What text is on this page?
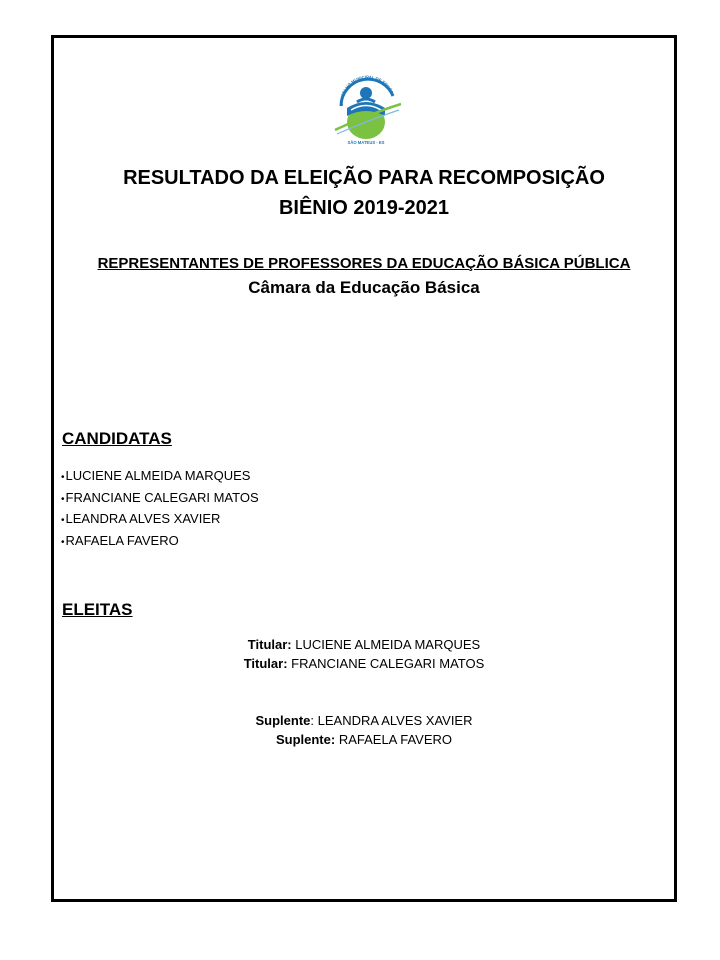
CONSELHO MUNICIPAL DE EDUCA
SÃO MATEUS - ES
RESULTADO DA ELEIÇÃO PARA RECOMPOSIÇÃO
BIÊNIO 2019-2021
REPRESENTANTES DE PROFESSORES DA EDUCAÇÃO BÁSICA PÚBLICA
Câmara da Educação Básica
CANDIDATAS
• LUCIENE ALMEIDA MARQUES
• FRANCIANE CALEGARI MATOS
• LEANDRA ALVES XAVIER
• RAFAELA FAVERO
ELEITAS
Titular: LUCIENE ALMEIDA MARQUES
Titular: FRANCIANE CALEGARI MATOS
Suplente: LEANDRA ALVES XAVIER
Suplente: RAFAELA FAVERO
